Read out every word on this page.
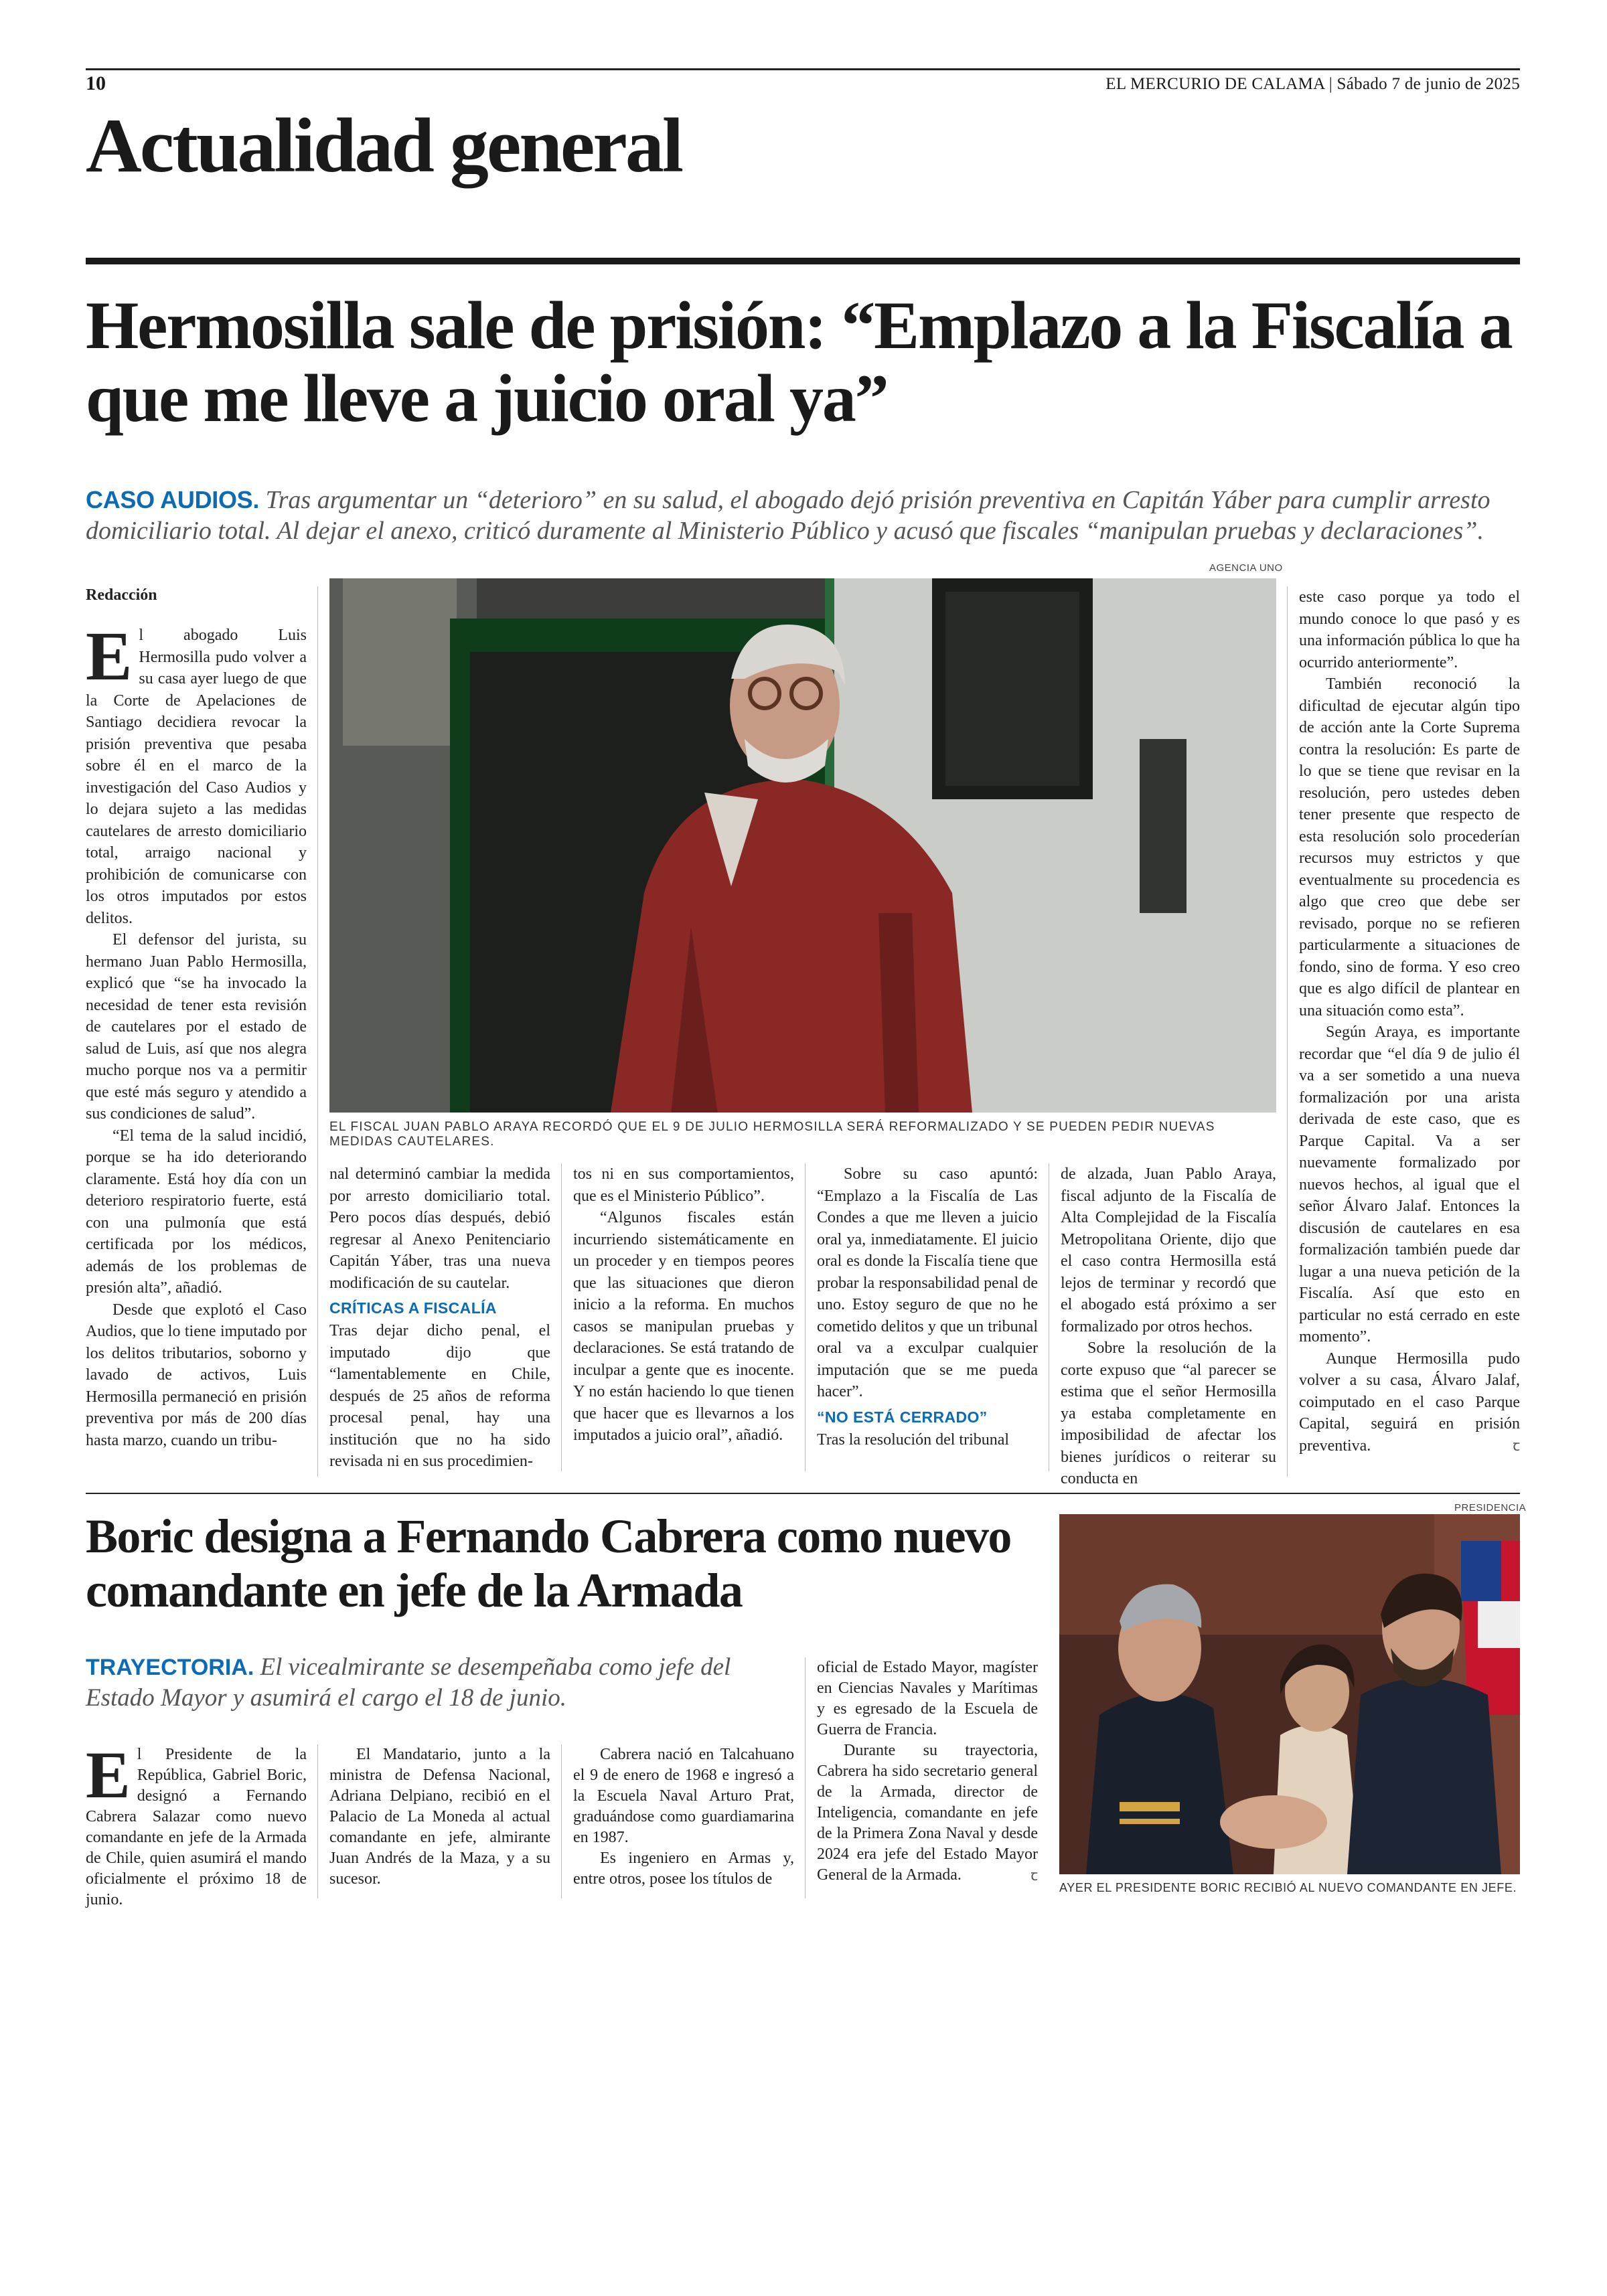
10	EL MERCURIO DE CALAMA | Sábado 7 de junio de 2025
Actualidad general
Hermosilla sale de prisión: “Emplazo a la Fiscalía a que me lleve a juicio oral ya”
CASO AUDIOS. Tras argumentar un “deterioro” en su salud, el abogado dejó prisión preventiva en Capitán Yáber para cumplir arresto domiciliario total. Al dejar el anexo, criticó duramente al Ministerio Público y acusó que fiscales “manipulan pruebas y declaraciones”.
AGENCIA UNO
EL FISCAL JUAN PABLO ARAYA RECORDÓ QUE EL 9 DE JULIO HERMOSILLA SERÁ REFORMALIZADO Y SE PUEDEN PEDIR NUEVAS MEDIDAS CAUTELARES.

Redacción

El abogado Luis Hermosilla pudo volver a su casa ayer luego de que la Corte de Apelaciones de Santiago decidiera revocar la prisión preventiva que pesaba sobre él en el marco de la investigación del Caso Audios y lo dejara sujeto a las medidas cautelares de arresto domiciliario total, arraigo nacional y prohibición de comunicarse con los otros imputados por estos delitos.

El defensor del jurista, su hermano Juan Pablo Hermosilla, explicó que “se ha invocado la necesidad de tener esta revisión de cautelares por el estado de salud de Luis, así que nos alegra mucho porque nos va a permitir que esté más seguro y atendido a sus condiciones de salud”.

“El tema de la salud incidió, porque se ha ido deteriorando claramente. Está hoy día con un deterioro respiratorio fuerte, está con una pulmonía que está certificada por los médicos, además de los problemas de presión alta”, añadió.

Desde que explotó el Caso Audios, que lo tiene imputado por los delitos tributarios, soborno y lavado de activos, Luis Hermosilla permaneció en prisión preventiva por más de 200 días hasta marzo, cuando un tribu-

nal determinó cambiar la medida por arresto domiciliario total. Pero pocos días después, debió regresar al Anexo Penitenciario Capitán Yáber, tras una nueva modificación de su cautelar.

CRÍTICAS A FISCALÍA

Tras dejar dicho penal, el imputado dijo que “lamentablemente en Chile, después de 25 años de reforma procesal penal, hay una institución que no ha sido revisada ni en sus procedimien-

tos ni en sus comportamientos, que es el Ministerio Público”.

“Algunos fiscales están incurriendo sistemáticamente en un proceder y en tiempos peores que las situaciones que dieron inicio a la reforma. En muchos casos se manipulan pruebas y declaraciones. Se está tratando de inculpar a gente que es inocente. Y no están haciendo lo que tienen que hacer que es llevarnos a los imputados a juicio oral”, añadió.

Sobre su caso apuntó: “Emplazo a la Fiscalía de Las Condes a que me lleven a juicio oral ya, inmediatamente. El juicio oral es donde la Fiscalía tiene que probar la responsabilidad penal de uno. Estoy seguro de que no he cometido delitos y que un tribunal oral va a exculpar cualquier imputación que se me pueda hacer”.

“NO ESTÁ CERRADO”

Tras la resolución del tribunal

de alzada, Juan Pablo Araya, fiscal adjunto de la Fiscalía de Alta Complejidad de la Fiscalía Metropolitana Oriente, dijo que el caso contra Hermosilla está lejos de terminar y recordó que el abogado está próximo a ser formalizado por otros hechos.

Sobre la resolución de la corte expuso que “al parecer se estima que el señor Hermosilla ya estaba completamente en imposibilidad de afectar los bienes jurídicos o reiterar su conducta en

este caso porque ya todo el mundo conoce lo que pasó y es una información pública lo que ha ocurrido anteriormente”.

También reconoció la dificultad de ejecutar algún tipo de acción ante la Corte Suprema contra la resolución: Es parte de lo que se tiene que revisar en la resolución, pero ustedes deben tener presente que respecto de esta resolución solo procederían recursos muy estrictos y que eventualmente su procedencia es algo que creo que debe ser revisado, porque no se refieren particularmente a situaciones de fondo, sino de forma. Y eso creo que es algo difícil de plantear en una situación como esta”.

Según Araya, es importante recordar que “el día 9 de julio él va a ser sometido a una nueva formalización por una arista derivada de este caso, que es Parque Capital. Va a ser nuevamente formalizado por nuevos hechos, al igual que el señor Álvaro Jalaf. Entonces la discusión de cautelares en esa formalización también puede dar lugar a una nueva petición de la Fiscalía. Así que esto en particular no está cerrado en este momento”.

Aunque Hermosilla pudo volver a su casa, Álvaro Jalaf, coimputado en el caso Parque Capital, seguirá en prisión preventiva.	ꞇ

Boric designa a Fernando Cabrera como nuevo comandante en jefe de la Armada
TRAYECTORIA. El vicealmirante se desempeñaba como jefe del Estado Mayor y asumirá el cargo el 18 de junio.
PRESIDENCIA
AYER EL PRESIDENTE BORIC RECIBIÓ AL NUEVO COMANDANTE EN JEFE.

El Presidente de la República, Gabriel Boric, designó a Fernando Cabrera Salazar como nuevo comandante en jefe de la Armada de Chile, quien asumirá el mando oficialmente el próximo 18 de junio.

El Mandatario, junto a la ministra de Defensa Nacional, Adriana Delpiano, recibió en el Palacio de La Moneda al actual comandante en jefe, almirante Juan Andrés de la Maza, y a su sucesor.

Cabrera nació en Talcahuano el 9 de enero de 1968 e ingresó a la Escuela Naval Arturo Prat, graduándose como guardiamarina en 1987.

Es ingeniero en Armas y, entre otros, posee los títulos de

oficial de Estado Mayor, magíster en Ciencias Navales y Marítimas y es egresado de la Escuela de Guerra de Francia.

Durante su trayectoria, Cabrera ha sido secretario general de la Armada, director de Inteligencia, comandante en jefe de la Primera Zona Naval y desde 2024 era jefe del Estado Mayor General de la Armada.	ꞇ
